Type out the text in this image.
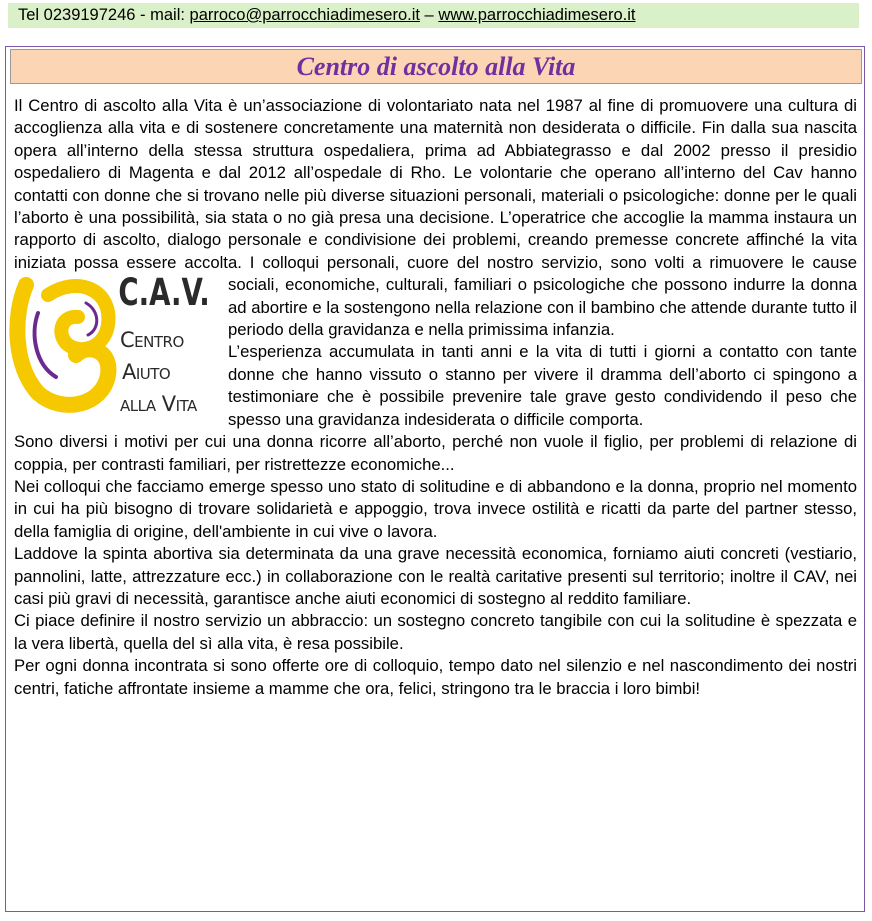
Tel 0239197246 - mail: parroco@parrocchiadimesero.it – www.parrocchiadimesero.it
Centro di ascolto alla Vita

Il Centro di ascolto alla Vita è un’associazione di volontariato nata nel 1987 al fine di promuovere una cultura di accoglienza alla vita e di sostenere concretamente una maternità non desiderata o difficile. Fin dalla sua nascita opera all’interno della stessa struttura ospedaliera, prima ad Abbiategrasso e dal 2002 presso il presidio ospedaliero di Magenta e dal 2012 all’ospedale di Rho. Le volontarie che operano all’interno del Cav hanno contatti con donne che si trovano nelle più diverse situazioni personali, materiali o psicologiche: donne per le quali l’aborto è una possibilità, sia stata o no già presa una decisione. L’operatrice che accoglie la mamma instaura un rapporto di ascolto, dialogo personale e condivisione dei problemi, creando premesse concrete affinché la vita iniziata possa essere accolta. I colloqui
C.A.V.
Centro
Aiuto
alla Vita
personali, cuore del nostro servizio, sono volti a rimuovere le cause sociali, economiche, culturali, familiari o psicologiche che possono indurre la donna ad abortire e la sostengono nella relazione con il bambino che attende durante tutto il periodo della gravidanza e nella primissima infanzia.

L’esperienza accumulata in tanti anni e la vita di tutti i giorni a contatto con tante donne che hanno vissuto o stanno per vivere il dramma dell’aborto ci spingono a testimoniare che è possibile prevenire tale grave gesto condividendo il peso che spesso una gravidanza indesiderata o difficile comporta.

Sono diversi i motivi per cui una donna ricorre all’aborto, perché non vuole il figlio, per problemi di relazione di coppia, per contrasti familiari, per ristrettezze economiche...

Nei colloqui che facciamo emerge spesso uno stato di solitudine e di abbandono e la donna, proprio nel momento in cui ha più bisogno di trovare solidarietà e appoggio, trova invece ostilità e ricatti da parte del partner stesso, della famiglia di origine, dell'ambiente in cui vive o lavora.

Laddove la spinta abortiva sia determinata da una grave necessità economica, forniamo aiuti concreti (vestiario, pannolini, latte, attrezzature ecc.) in collaborazione con le realtà caritative presenti sul territorio; inoltre il CAV, nei casi più gravi di necessità, garantisce anche aiuti economici di sostegno al reddito familiare.

Ci piace definire il nostro servizio un abbraccio: un sostegno concreto tangibile con cui la solitudine è spezzata e la vera libertà, quella del sì alla vita, è resa possibile.

Per ogni donna incontrata si sono offerte ore di colloquio, tempo dato nel silenzio e nel nascondimento dei nostri centri, fatiche affrontate insieme a mamme che ora, felici, stringono tra le braccia i loro bimbi!
